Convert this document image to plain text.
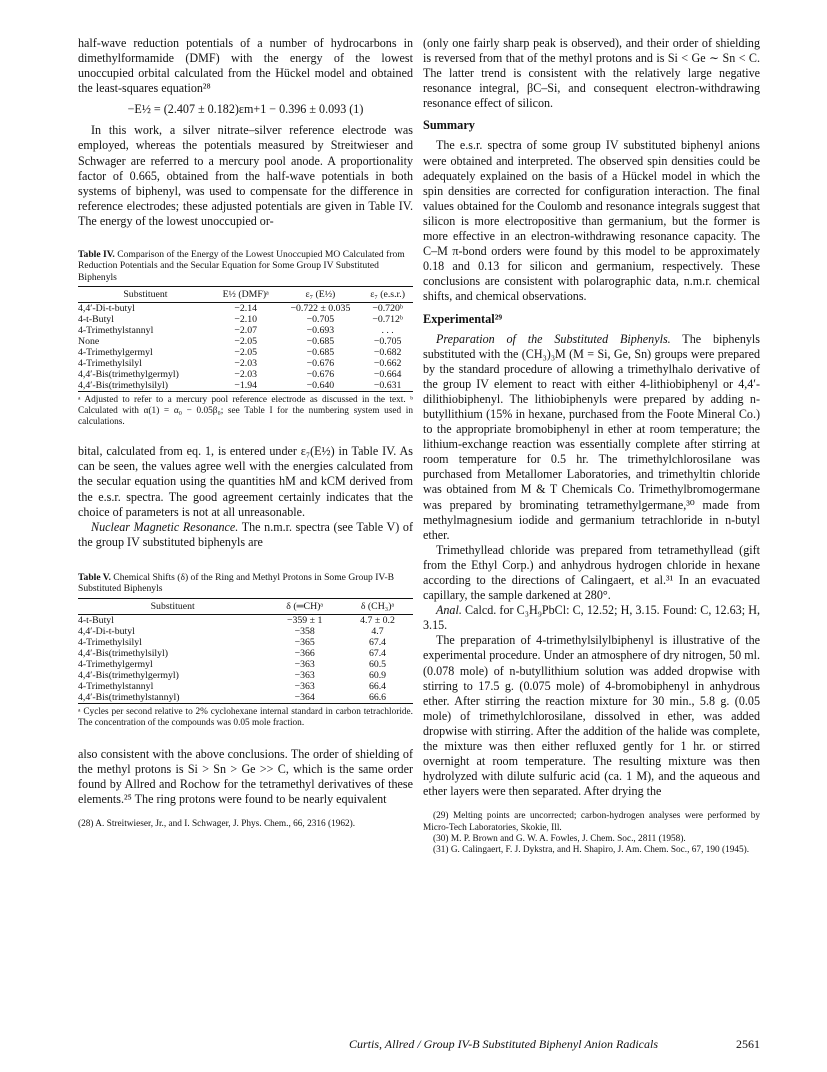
half-wave reduction potentials of a number of hydrocarbons in dimethylformamide (DMF) with the energy of the lowest unoccupied orbital calculated from the Hückel model and obtained the least-squares equation²⁸

−E½ = (2.407 ± 0.182)εm+1 − 0.396 ± 0.093 (1)

In this work, a silver nitrate–silver reference electrode was employed, whereas the potentials measured by Streitwieser and Schwager are referred to a mercury pool anode. A proportionality factor of 0.665, obtained from the half-wave potentials in both systems of biphenyl, was used to compensate for the difference in reference electrodes; these adjusted potentials are given in Table IV. The energy of the lowest unoccupied or-

Table IV. Comparison of the Energy of the Lowest Unoccupied MO Calculated from Reduction Potentials and the Secular Equation for Some Group IV Substituted Biphenyls
Substituent	E½ (DMF)ᵃ	ε₇ (E½)	ε₇ (e.s.r.)
4,4′-Di-t-butyl	−2.14	−0.722 ± 0.035	−0.720ᵇ
4-t-Butyl	−2.10	−0.705	−0.712ᵇ
4-Trimethylstannyl	−2.07	−0.693	. . .
None	−2.05	−0.685	−0.705
4-Trimethylgermyl	−2.05	−0.685	−0.682
4-Trimethylsilyl	−2.03	−0.676	−0.662
4,4′-Bis(trimethylgermyl)	−2.03	−0.676	−0.664
4,4′-Bis(trimethylsilyl)	−1.94	−0.640	−0.631
ᵃ Adjusted to refer to a mercury pool reference electrode as discussed in the text. ᵇ Calculated with α(1) = α₀ − 0.05β₀; see Table I for the numbering system used in calculations.

bital, calculated from eq. 1, is entered under ε₇(E½) in Table IV. As can be seen, the values agree well with the energies calculated from the secular equation using the quantities hM and kCM derived from the e.s.r. spectra. The good agreement certainly indicates that the choice of parameters is not at all unreasonable.

Nuclear Magnetic Resonance. The n.m.r. spectra (see Table V) of the group IV substituted biphenyls are

Table V. Chemical Shifts (δ) of the Ring and Methyl Protons in Some Group IV-B Substituted Biphenyls
Substituent	δ (═CH)ᵃ	δ (CH₃)ᵃ
4-t-Butyl	−359 ± 1	4.7 ± 0.2
4,4′-Di-t-butyl	−358	4.7
4-Trimethylsilyl	−365	67.4
4,4′-Bis(trimethylsilyl)	−366	67.4
4-Trimethylgermyl	−363	60.5
4,4′-Bis(trimethylgermyl)	−363	60.9
4-Trimethylstannyl	−363	66.4
4,4′-Bis(trimethylstannyl)	−364	66.6
ᵃ Cycles per second relative to 2% cyclohexane internal standard in carbon tetrachloride. The concentration of the compounds was 0.05 mole fraction.

also consistent with the above conclusions. The order of shielding of the methyl protons is Si > Sn > Ge >> C, which is the same order found by Allred and Rochow for the tetramethyl derivatives of these elements.²⁵ The ring protons were found to be nearly equivalent

(28) A. Streitwieser, Jr., and I. Schwager, J. Phys. Chem., 66, 2316 (1962).

(only one fairly sharp peak is observed), and their order of shielding is reversed from that of the methyl protons and is Si < Ge ∼ Sn < C. The latter trend is consistent with the relatively large negative resonance integral, βC–Si, and consequent electron-withdrawing resonance effect of silicon.

Summary

The e.s.r. spectra of some group IV substituted biphenyl anions were obtained and interpreted. The observed spin densities could be adequately explained on the basis of a Hückel model in which the spin densities are corrected for configuration interaction. The final values obtained for the Coulomb and resonance integrals suggest that silicon is more electropositive than germanium, but the former is more effective in an electron-withdrawing resonance capacity. The C–M π-bond orders were found by this model to be approximately 0.18 and 0.13 for silicon and germanium, respectively. These conclusions are consistent with polarographic data, n.m.r. chemical shifts, and chemical observations.

Experimental²⁹

Preparation of the Substituted Biphenyls. The biphenyls substituted with the (CH₃)₃M (M = Si, Ge, Sn) groups were prepared by the standard procedure of allowing a trimethylhalo derivative of the group IV element to react with either 4-lithiobiphenyl or 4,4′-dilithiobiphenyl. The lithiobiphenyls were prepared by adding n-butyllithium (15% in hexane, purchased from the Foote Mineral Co.) to the appropriate bromobiphenyl in ether at room temperature; the lithium-exchange reaction was essentially complete after stirring at room temperature for 0.5 hr. The trimethylchlorosilane was purchased from Metallomer Laboratories, and trimethyltin chloride was obtained from M & T Chemicals Co. Trimethylbromogermane was prepared by brominating tetramethylgermane,³⁰ made from methylmagnesium iodide and germanium tetrachloride in n-butyl ether.

Trimethyllead chloride was prepared from tetramethyllead (gift from the Ethyl Corp.) and anhydrous hydrogen chloride in hexane according to the directions of Calingaert, et al.³¹ In an evacuated capillary, the sample darkened at 280°.

Anal. Calcd. for C₃H₉PbCl: C, 12.52; H, 3.15. Found: C, 12.63; H, 3.15.

The preparation of 4-trimethylsilylbiphenyl is illustrative of the experimental procedure. Under an atmosphere of dry nitrogen, 50 ml. (0.078 mole) of n-butyllithium solution was added dropwise with stirring to 17.5 g. (0.075 mole) of 4-bromobiphenyl in anhydrous ether. After stirring the reaction mixture for 30 min., 5.8 g. (0.05 mole) of trimethylchlorosilane, dissolved in ether, was added dropwise with stirring. After the addition of the halide was complete, the mixture was then either refluxed gently for 1 hr. or stirred overnight at room temperature. The resulting mixture was then hydrolyzed with dilute sulfuric acid (ca. 1 M), and the aqueous and ether layers were then separated. After drying the

(29) Melting points are uncorrected; carbon-hydrogen analyses were performed by Micro-Tech Laboratories, Skokie, Ill.
(30) M. P. Brown and G. W. A. Fowles, J. Chem. Soc., 2811 (1958).
(31) G. Calingaert, F. J. Dykstra, and H. Shapiro, J. Am. Chem. Soc., 67, 190 (1945).
Curtis, Allred / Group IV-B Substituted Biphenyl Anion Radicals	2561
